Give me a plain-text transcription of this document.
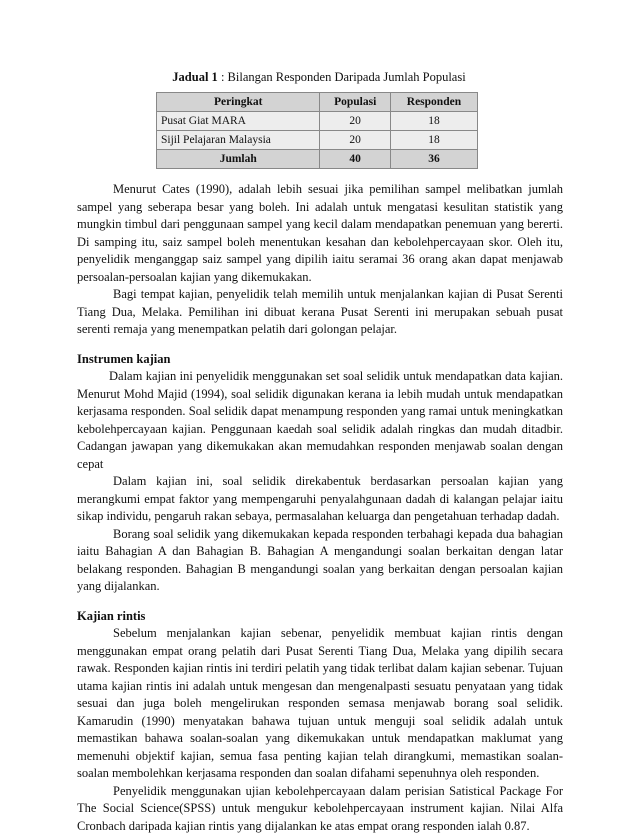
Jadual 1 : Bilangan Responden Daripada Jumlah Populasi
Peringkat	Populasi	Responden
Pusat Giat MARA	20	18
Sijil Pelajaran Malaysia	20	18
Jumlah	40	36

Menurut Cates (1990), adalah lebih sesuai jika pemilihan sampel melibatkan jumlah sampel yang seberapa besar yang boleh. Ini adalah untuk mengatasi kesulitan statistik yang mungkin timbul dari penggunaan sampel yang kecil dalam mendapatkan penemuan yang bererti. Di samping itu, saiz sampel boleh menentukan kesahan dan kebolehpercayaan skor. Oleh itu, penyelidik menganggap saiz sampel yang dipilih iaitu seramai 36 orang akan dapat menjawab persoalan-persoalan kajian yang dikemukakan.

Bagi tempat kajian, penyelidik telah memilih untuk menjalankan kajian di Pusat Serenti Tiang Dua, Melaka. Pemilihan ini dibuat kerana Pusat Serenti ini merupakan sebuah pusat serenti remaja yang menempatkan pelatih dari golongan pelajar.

Instrumen kajian

Dalam kajian ini penyelidik menggunakan set soal selidik untuk mendapatkan data kajian. Menurut Mohd Majid (1994), soal selidik digunakan kerana ia lebih mudah untuk mendapatkan kerjasama responden. Soal selidik dapat menampung responden yang ramai untuk meningkatkan kebolehpercayaan kajian. Penggunaan kaedah soal selidik adalah ringkas dan mudah ditadbir. Cadangan jawapan yang dikemukakan akan memudahkan responden menjawab soalan dengan cepat

Dalam kajian ini, soal selidik direkabentuk berdasarkan persoalan kajian yang merangkumi empat faktor yang mempengaruhi penyalahgunaan dadah di kalangan pelajar iaitu sikap individu, pengaruh rakan sebaya, permasalahan keluarga dan pengetahuan terhadap dadah.

Borang soal selidik yang dikemukakan kepada responden terbahagi kepada dua bahagian iaitu Bahagian A dan Bahagian B. Bahagian A mengandungi soalan berkaitan dengan latar belakang responden. Bahagian B mengandungi soalan yang berkaitan dengan persoalan kajian yang dijalankan.

Kajian rintis

Sebelum menjalankan kajian sebenar, penyelidik membuat kajian rintis dengan menggunakan empat orang pelatih dari Pusat Serenti Tiang Dua, Melaka yang dipilih secara rawak. Responden kajian rintis ini terdiri pelatih yang tidak terlibat dalam kajian sebenar. Tujuan utama kajian rintis ini adalah untuk mengesan dan mengenalpasti sesuatu penyataan yang tidak sesuai dan juga boleh mengelirukan responden semasa menjawab borang soal selidik. Kamarudin (1990) menyatakan bahawa tujuan untuk menguji soal selidik adalah untuk memastikan bahawa soalan-soalan yang dikemukakan untuk mendapatkan maklumat yang memenuhi objektif kajian, semua fasa penting kajian telah dirangkumi, memastikan soalan-soalan membolehkan kerjasama responden dan soalan difahami sepenuhnya oleh responden.

Penyelidik menggunakan ujian kebolehpercayaan dalam perisian Satistical Package For The Social Science(SPSS) untuk mengukur kebolehpercayaan instrument kajian. Nilai Alfa Cronbach daripada kajian rintis yang dijalankan ke atas empat orang responden ialah 0.87.
